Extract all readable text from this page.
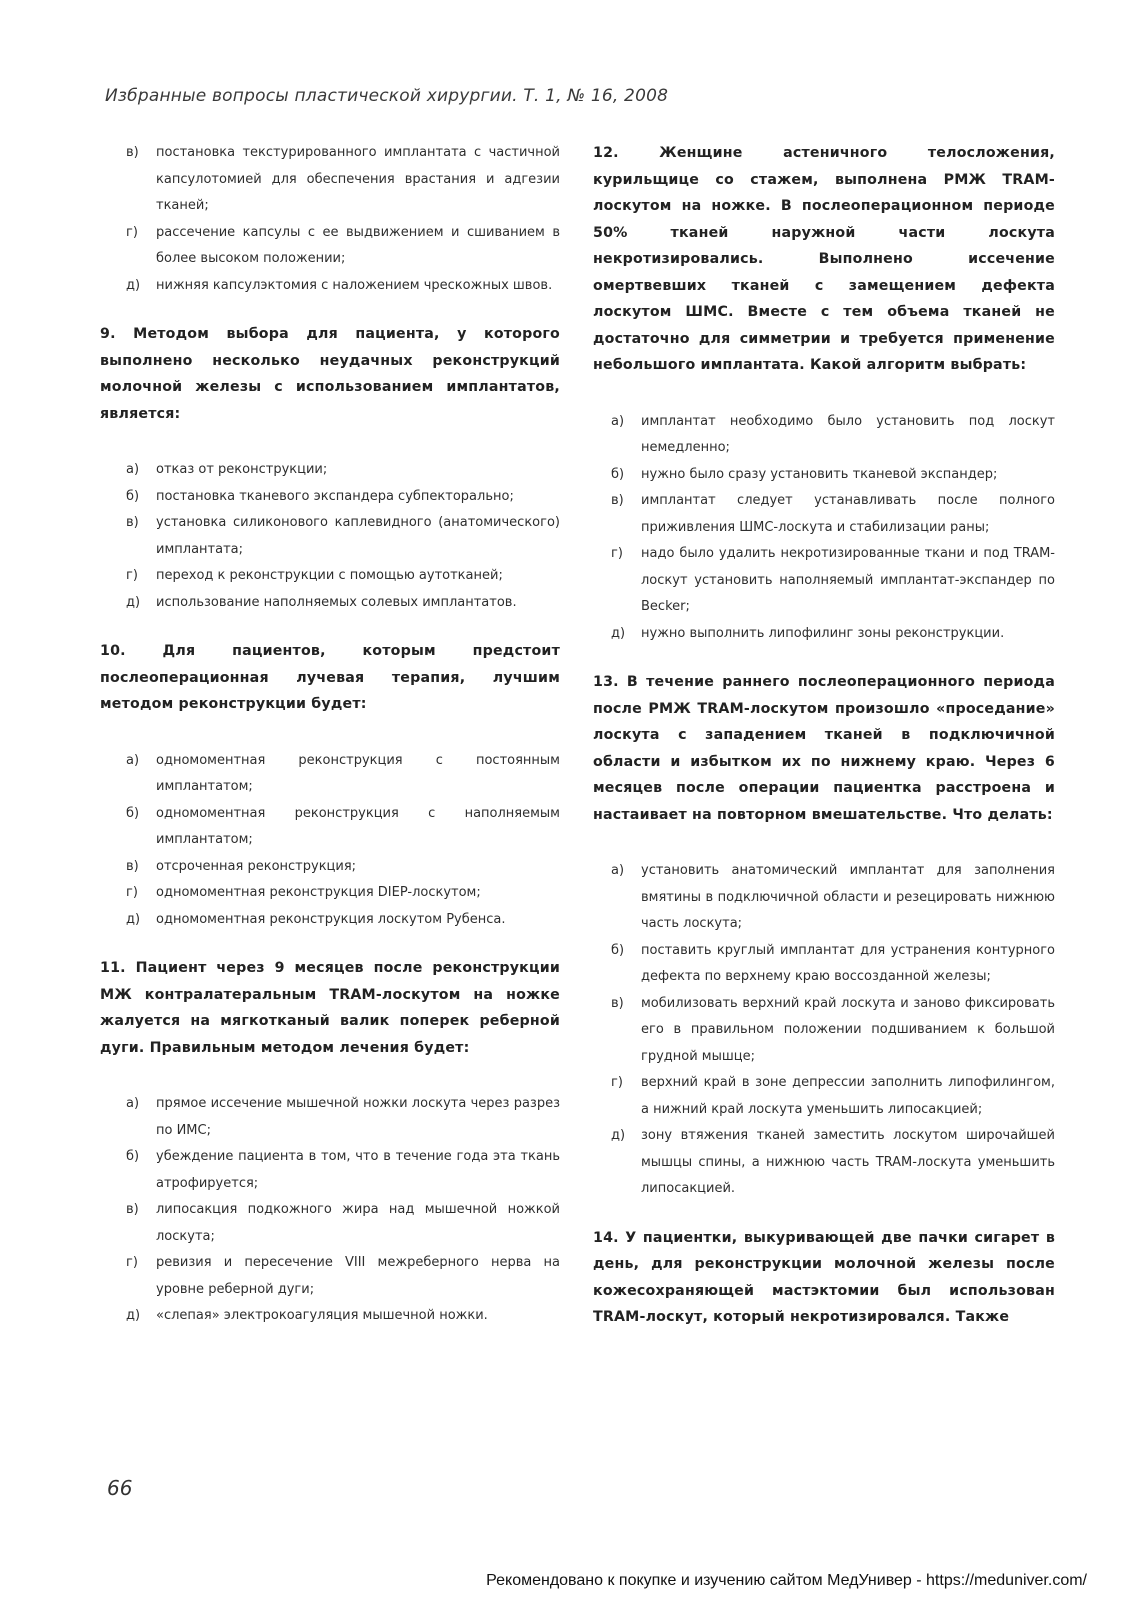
Избранные вопросы пластической хирургии. Т. 1, № 16, 2008
в)	постановка текстурированного имплантата с частичной капсулотомией для обеспечения врастания и адгезии тканей;
г)	рассечение капсулы с ее выдвижением и сшиванием в более высоком положении;
д)	нижняя капсулэктомия с наложением чрескожных швов.
9. Методом выбора для пациента, у которого выполнено несколько неудачных реконструкций молочной железы с использованием имплантатов, является:
а)	отказ от реконструкции;
б)	постановка тканевого экспандера субпекторально;
в)	установка силиконового каплевидного (анатомического) имплантата;
г)	переход к реконструкции с помощью аутотканей;
д)	использование наполняемых солевых имплантатов.
10. Для пациентов, которым предстоит послеоперационная лучевая терапия, лучшим методом реконструкции будет:
а)	одномоментная реконструкция с постоянным имплантатом;
б)	одномоментная реконструкция с наполняемым имплантатом;
в)	отсроченная реконструкция;
г)	одномоментная реконструкция DIEP-лоскутом;
д)	одномоментная реконструкция лоскутом Рубенса.
11. Пациент через 9 месяцев после реконструкции МЖ контралатеральным TRAM-лоскутом на ножке жалуется на мягкотканый валик поперек реберной дуги. Правильным методом лечения будет:
а)	прямое иссечение мышечной ножки лоскута через разрез по ИМС;
б)	убеждение пациента в том, что в течение года эта ткань атрофируется;
в)	липосакция подкожного жира над мышечной ножкой лоскута;
г)	ревизия и пересечение VIII межреберного нерва на уровне реберной дуги;
д)	«слепая» электрокоагуляция мышечной ножки.
12. Женщине астеничного телосложения, курильщице со стажем, выполнена РМЖ TRAM-лоскутом на ножке. В послеоперационном периоде 50% тканей наружной части лоскута некротизировались. Выполнено иссечение омертвевших тканей с замещением дефекта лоскутом ШМС. Вместе с тем объема тканей не достаточно для симметрии и требуется применение небольшого имплантата. Какой алгоритм выбрать:
а)	имплантат необходимо было установить под лоскут немедленно;
б)	нужно было сразу установить тканевой экспандер;
в)	имплантат следует устанавливать после полного приживления ШМС-лоскута и стабилизации раны;
г)	надо было удалить некротизированные ткани и под TRAM-лоскут установить наполняемый имплантат-экспандер по Becker;
д)	нужно выполнить липофилинг зоны реконструкции.
13. В течение раннего послеоперационного периода после РМЖ TRAM-лоскутом произошло «проседание» лоскута с западением тканей в подключичной области и избытком их по нижнему краю. Через 6 месяцев после операции пациентка расстроена и настаивает на повторном вмешательстве. Что делать:
а)	установить анатомический имплантат для заполнения вмятины в подключичной области и резецировать нижнюю часть лоскута;
б)	поставить круглый имплантат для устранения контурного дефекта по верхнему краю воссозданной железы;
в)	мобилизовать верхний край лоскута и заново фиксировать его в правильном положении подшиванием к большой грудной мышце;
г)	верхний край в зоне депрессии заполнить липофилингом, а нижний край лоскута уменьшить липосакцией;
д)	зону втяжения тканей заместить лоскутом широчайшей мышцы спины, а нижнюю часть TRAM-лоскута уменьшить липосакцией.
14. У пациентки, выкуривающей две пачки сигарет в день, для реконструкции молочной железы после кожесохраняющей мастэктомии был использован TRAM-лоскут, который некротизировался. Также
66
Рекомендовано к покупке и изучению сайтом МедУнивер - https://meduniver.com/
